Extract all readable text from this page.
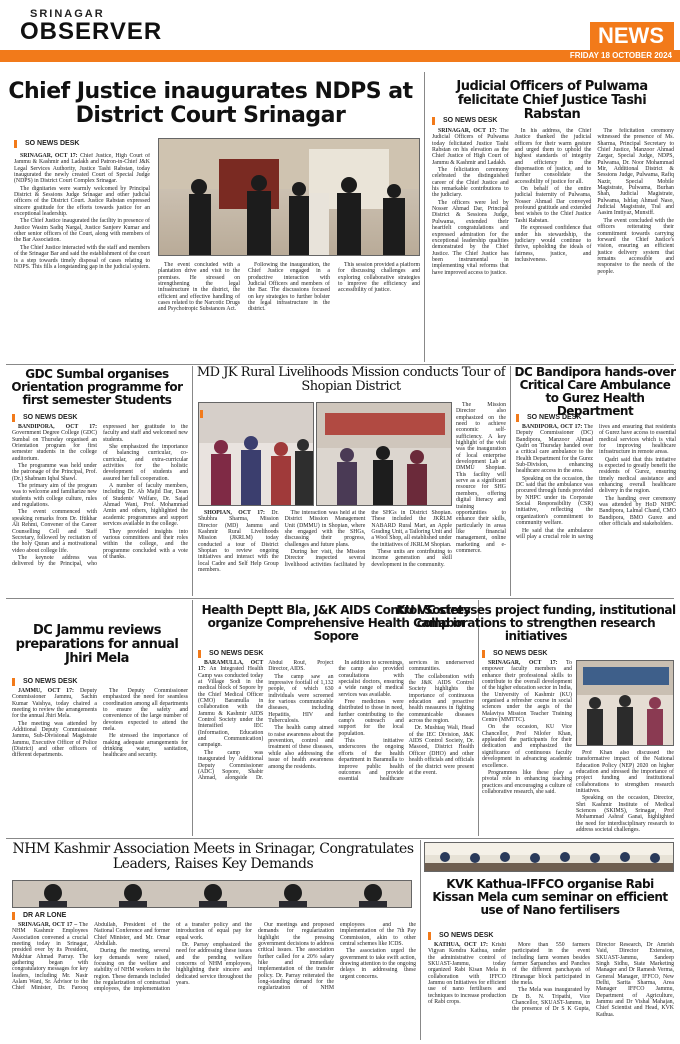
SRINAGAR
OBSERVER	NEWS
FRIDAY 18 OCTOBER 2024
Chief Justice inaugurates NDPS at District Court Srinagar
SO NEWS DESK

SRINAGAR, OCT 17: Chief Justice, High Court of Jammu & Kashmir and Ladakh and Patron-in-Chief J&K Legal Services Authority, Justice Tashi Rabstan, today inaugurated the newly created Court of Special Judge (NDPS) in District Court Complex Srinagar.

The dignitaries were warmly welcomed by Principal District & Sessions Judge Srinagar and other judicial officers of the District Court. Justice Rabstan expressed sincere gratitude for the efforts towards justice for an exceptional leadership.

The Chief Justice inaugurated the facility in presence of Justice Wasim Sadiq Nargal, Justice Sanjeev Kumar and other senior officers of the Court, along with members of the Bar Association.

The Chief Justice interacted with the staff and members of the Srinagar Bar and said the establishment of the court is a step towards timely disposal of cases relating to NDPS. This fills a longstanding gap in the judicial system.	The event concluded with a plantation drive and visit to the premises. He stressed on strengthening the legal infrastructure in the district, the efficient and effective handling of cases related to the Narcotic Drugs and Psychotropic Substances Act.

Following the inauguration, the Chief Justice engaged in a productive interaction with Judicial Officers and members of the Bar. The discussions focused on key strategies to further bolster the legal infrastructure in the district.

This session provided a platform for discussing challenges and exploring collaborative strategies to improve the efficiency and accessibility of justice.

Judicial Officers of Pulwama felicitate Chief Justice Tashi Rabstan
SO NEWS DESK

SRINAGAR, OCT 17: The Judicial Officers of Pulwama today felicitated Justice Tashi Rabstan on his elevation as the Chief Justice of High Court of Jammu & Kashmir and Ladakh.

The felicitation ceremony celebrated the distinguished career of the Chief Justice and his remarkable contributions to the judiciary.

The officers were led by Nosser Ahmad Dar, Principal District & Sessions Judge, Pulwama, extended their heartfelt congratulations and expressed admiration for the exceptional leadership qualities demonstrated by the Chief Justice. The Chief Justice has been instrumental in implementing vital reforms that have improved access to justice.

In his address, the Chief Justice thanked the judicial officers for their warm gesture and urged them to uphold the highest standards of integrity and efficiency in the dispensation of justice, and to further consolidate the accessibility of justice for all.

On behalf of the entire judicial fraternity of Pulwama, Nosser Ahmad Dar conveyed profound gratitude and extended best wishes to the Chief Justice Tashi Rabstan.

He expressed confidence that under his stewardship, the judiciary would continue to thrive, upholding the ideals of fairness, justice, and inclusiveness.

The felicitation ceremony witnessed the presence of Ms. Sharma, Principal Secretary to Chief Justice, Manzoor Ahmad Zargar, Special Judge, NDPS, Pulwama, Dr. Noor Mohammad Mir, Additional District & Sessions Judge, Pulwama, Rafiq Nazir, Special Mobile Magistrate, Pulwama, Burhan Shah, Judicial Magistrate, Pulwama, Ishfaq Ahmad Naso, Judicial Magistrate, Tral and Aasim Imtiyaz, Munsiff.

The event concluded with the officers reiterating their commitment towards carrying forward the Chief Justice's vision, ensuring an efficient justice delivery system that remains accessible and responsive to the needs of the people.

GDC Sumbal organises Orientation programme for first semester Students
SO NEWS DESK

BANDIPORA, OCT 17: Government Degree College (GDC) Sumbal on Thursday organised an Orientation program for first semester students in the college auditorium.

The programme was held under the patronage of the Principal, Prof. (Dr.) Shabnam Iqbal Shawl.

The primary aim of the program was to welcome and familiarize new students with college culture, rules and regulations.

The event commenced with speaking remarks from Dr. Iftikhar Ali Rehmi, Convener of the Career Counselling Cell and Staff Secretary, followed by recitation of the holy Quran and a motivational video about college life.

The keynote address was delivered by the Principal, who expressed her gratitude to the faculty and staff and welcomed new students.

She emphasized the importance of balancing curricular, co-curricular, and extra-curricular activities for the holistic development of students and assured her full cooperation.

A number of faculty members, including Dr. Ab Majid Dar, Dean of Students' Welfare, Dr. Sajad Ahmad Wani, Prof. Mohammad Amin and others, highlighted the academic programmes and support services available in the college.

They provided insights into various committees and their roles within the college, and the programme concluded with a vote of thanks.

MD JK Rural Livelihoods Mission conducts Tour of Shopian District

The Mission Director also emphasized on the need to achieve economic self-sufficiency. A key highlight of the visit was the inauguration of local enterprise development Lab at DMMU Shopian. This facility will serve as a significant resource for SHG members, offering digital literacy and training opportunities to enhance their skills, particularly in areas like financial management, online marketing and e-commerce.

SHOPIAN, OCT 17: Dr. Shubhra Sharma, Mission Director (MD) Jammu and Kashmir Rural Livelihoods Mission (JKRLM) today conducted a tour of District Shopian to review ongoing initiatives and interact with the local Cadre and Self Help Group members.

The interaction was held at the District Mission Management Unit (DMMU) in Shopian, where she engaged with the SHGs, discussing their progress, challenges and future plans.

During her visit, the Mission Director inspected several livelihood activities facilitated by the SHGs in District Shopian. These included the JKRLM NABARD Rural Mart, an Apple Grading Unit, a Tailoring Unit and a Wool Shop, all established under the initiatives of JKRLM Shopian.

These units are contributing to income generation and skill development in the community.

DC Bandipora hands-over Critical Care Ambulance to Gurez Health Department
SO NEWS DESK

BANDIPORA, OCT 17: The Deputy Commissioner (DC) Bandipora, Manzoor Ahmad Qadri on Thursday handed over a critical care ambulance to the Health Department for the Gurez Sub-Division, enhancing healthcare access in the area.

Speaking on the occasion, the DC said that the ambulance was procured through funds provided by NHPC under its Corporate Social Responsibility (CSR) initiative, reflecting the organization's commitment to community welfare.

He said that the ambulance will play a crucial role in saving lives and ensuring that residents of Gurez have access to essential medical services which is vital for improving healthcare infrastructure in remote areas.

Qadri said that this initiative is expected to greatly benefit the residents of Gurez, ensuring timely medical assistance and enhancing overall healthcare delivery in the region.

The handing over ceremony was attended by HoD NHPC Bandipora, Lalmal Chand, CMO Bandipora, BMO Gurez and other officials and stakeholders.

DC Jammu reviews preparations for annual Jhiri Mela
SO NEWS DESK

JAMMU, OCT 17: Deputy Commissioner Jammu, Sachin Kumar Vaishya, today chaired a meeting to review the arrangements for the annual Jhiri Mela.

The meeting was attended by Additional Deputy Commissioner Jammu, Sub-Divisional Magistrate Jammu, Executive Officer of Police (District) and other officers of different departments.

The Deputy Commissioner emphasized the need for seamless coordination among all departments to ensure the safety and convenience of the large number of devotees expected to attend the mela.

He stressed the importance of making adequate arrangements for drinking water, sanitation, healthcare and security.

Health Deptt Bla, J&K AIDS Control Society organize Comprehensive Health Camp in Sopore
SO NEWS DESK

BARAMULLA, OCT 17: An Integrated Health Camp was conducted today at Village Sodi in the medical block of Sopore by the Chief Medical Officer (CMO) Baramulla in collaboration with the Jammu & Kashmir AIDS Control Society under the Intensified IEC (Information, Education and Communication) campaign.

The camp was inaugurated by Additional Deputy Commissioner (ADC) Sopore, Shabir Ahmad, alongside Dr. Abdul Rouf, Project Director, AIDS.

The camp saw an impressive footfall of 1,132 people, of which 630 individuals were screened for various communicable diseases, including Hepatitis, HIV and Tuberculosis.

The health camp aimed to raise awareness about the prevention, control and treatment of these diseases, while also addressing the issue of health awareness among the residents.

In addition to screenings, the camp also provided consultations with specialist doctors, ensuring a wide range of medical services was available.

Free medicines were distributed to those in need, further contributing to the camp's outreach and support for the local population.

This initiative underscores the ongoing efforts of the health department in Baramulla to improve public health outcomes and provide essential healthcare services in underserved communities.

The collaboration with the J&K AIDS Control Society highlights the importance of continuous education and proactive health measures in fighting communicable diseases across the region.

Dr. Mushtaq Wali, Head of the IEC Division, J&K AIDS Control Society, Dr. Masood, District Health Officer (DHO) and other health officials and officials of the district were present at the event.

KU VC stresses project funding, institutional collaborations to strengthen research initiatives
SO NEWS DESK

SRINAGAR, OCT 17: To empower faculty members and enhance their professional skills to contribute to the overall development of the higher education sector in India, the University of Kashmir (KU) organised a refresher course in social sciences under the aegis of the Malaviya Mission Teacher Training Centre (MMTTC).

On the occasion, KU Vice Chancellor, Prof Nilofer Khan, applauded the participants for their dedication and emphasized the significance of continuous faculty development in advancing academic excellence.

Programmes like these play a pivotal role in enhancing teaching practices and encouraging a culture of collaborative research, she said.

Prof Khan also discussed the transformative impact of the National Education Policy (NEP) 2020 on higher education and stressed the importance of project funding and institutional collaborations to strengthen research initiatives.

Speaking on the occasion, Director, Shri Kashmir Institute of Medical Sciences (SKIMS), Srinagar, Prof Mohammad Ashraf Ganai, highlighted the need for interdisciplinary research to address societal challenges.

NHM Kashmir Association Meets in Srinagar, Congratulates Leaders, Raises Key Demands
DR AR LONE

SRINAGAR, OCT 17 – The NHM Kashmir Employees Association convened a crucial meeting today in Srinagar, presided over by its President, Mukhtar Ahmad Parray. The gathering began with congratulatory messages for key leaders, including Mr. Nasir Aslam Wani, Sr. Advisor to the Chief Minister, Dr. Farooq Abdullah, President of the National Conference and former Chief Minister, and Mr. Omar Abdullah.

During the meeting, several key demands were raised, focusing on the welfare and stability of NHM workers in the region. These demands included the regularization of contractual employees, the implementation of a transfer policy and the introduction of equal pay for equal work.

Dr. Parray emphasized the need for addressing these issues and the pending welfare concerns of NHM employees, highlighting their sincere and dedicated service throughout the years.

Our meetings and proposed demands for regularization highlight the pressing government decisions to address critical issues. The association further called for a 20% salary hike and immediate implementation of the transfer policy. Dr. Parray reiterated the long-standing demand for the regularization of NHM employees and the implementation of the 7th Pay Commission, akin to other central schemes like ICDS.

The association urged the government to take swift action, drawing attention to the ongoing delays in addressing these urgent concerns.

KVK Kathua-IFFCO organise Rabi Kissan Mela cum seminar on efficient use of Nano fertilisers
SO NEWS DESK

KATHUA, OCT 17: Krishi Vigyan Kendra Kathua, under the administrative control of SKUAST-Jammu, today organized Rabi Kisan Mela in collaboration with IFFCO Jammu on Initiatives for efficient use of nano fertilisers and techniques to increase production of Rabi crops.

More than 550 farmers participated in the event including farm women besides farmer Sarpanches and Panches of the different panchayats of Hiranagar block participated in the mela.

The Mela was inaugurated by Dr B. N. Tripathi, Vice Chancellor, SKUAST-Jammu, in the presence of Dr S K Gupta, Director Research, Dr Amrish Vaid, Director Extension, SKUAST-Jammu, Sandeep Singh Sidhu, State Marketing Manager and Dr Ramesh Verma, General Manager, IFFCO, New Delhi, Sarita Sharma, Area Manager IFFCO Jammu, Department of Agriculture, Jammu and Dr Vishal Mahajan, Chief Scientist and Head, KVK Kathua.
